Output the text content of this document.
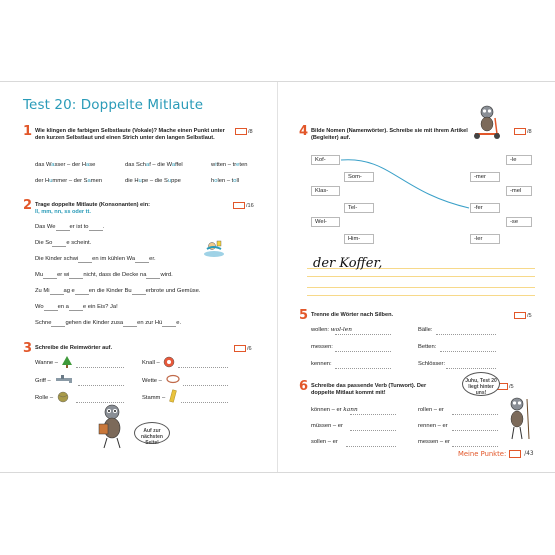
Test 20: Doppelte Mitlaute
1 Wie klingen die farbigen Selbstlaute (Vokale)? Mache einen Punkt unter den kurzen Selbstlaut und einen Strich unter den langen Selbstlaut.
/8
das Wasser – der Hase	das Schaf – die Waffel	witten – treten
der Hummer – der Samen	die Hupe – die Suppe	holen – toll
2 Trage doppelte Mitlaute (Konsonanten) ein:
ll, mm, nn, ss oder tt.
/16
Das We er ist to .
Die So e scheint.
Die Kinder schwi en im kühlen Wa er.
Mu er wi nicht, dass die Decke na wird.
Zu Mi ag e en die Kinder Bu erbrote und Gemüse.
Wo en a e ein Eis? Ja!
Schne gehen die Kinder zusa en zur Hü e.
3 Schreibe die Reimwörter auf.	/6
Wanne –	Knall –
Griff –	Wette –
Rolle –	Stamm –
Auf zur nächsten Seite!
4 Bilde Nomen (Namenwörter). Schreibe sie mit ihrem Artikel (Begleiter) auf.
/8
Kof-
Klas-
Wel-
Som-
Tel-
Him-
-mer
-fer
-ler
-le
-mel
-se
der Koffer,
5 Trenne die Wörter nach Silben.	/5
wollen: wol-len	Bälle:
messen:	Betten:
kennen:	Schlösser:
6 Schreibe das passende Verb (Tunwort). Der doppelte Mitlaut kommt mit!
/5
können – er kann	rollen – er
müssen – er	rennen – er
sollen – er	messen – er
Juhu, Test 20 liegt hinter uns!
Meine Punkte:	/43
